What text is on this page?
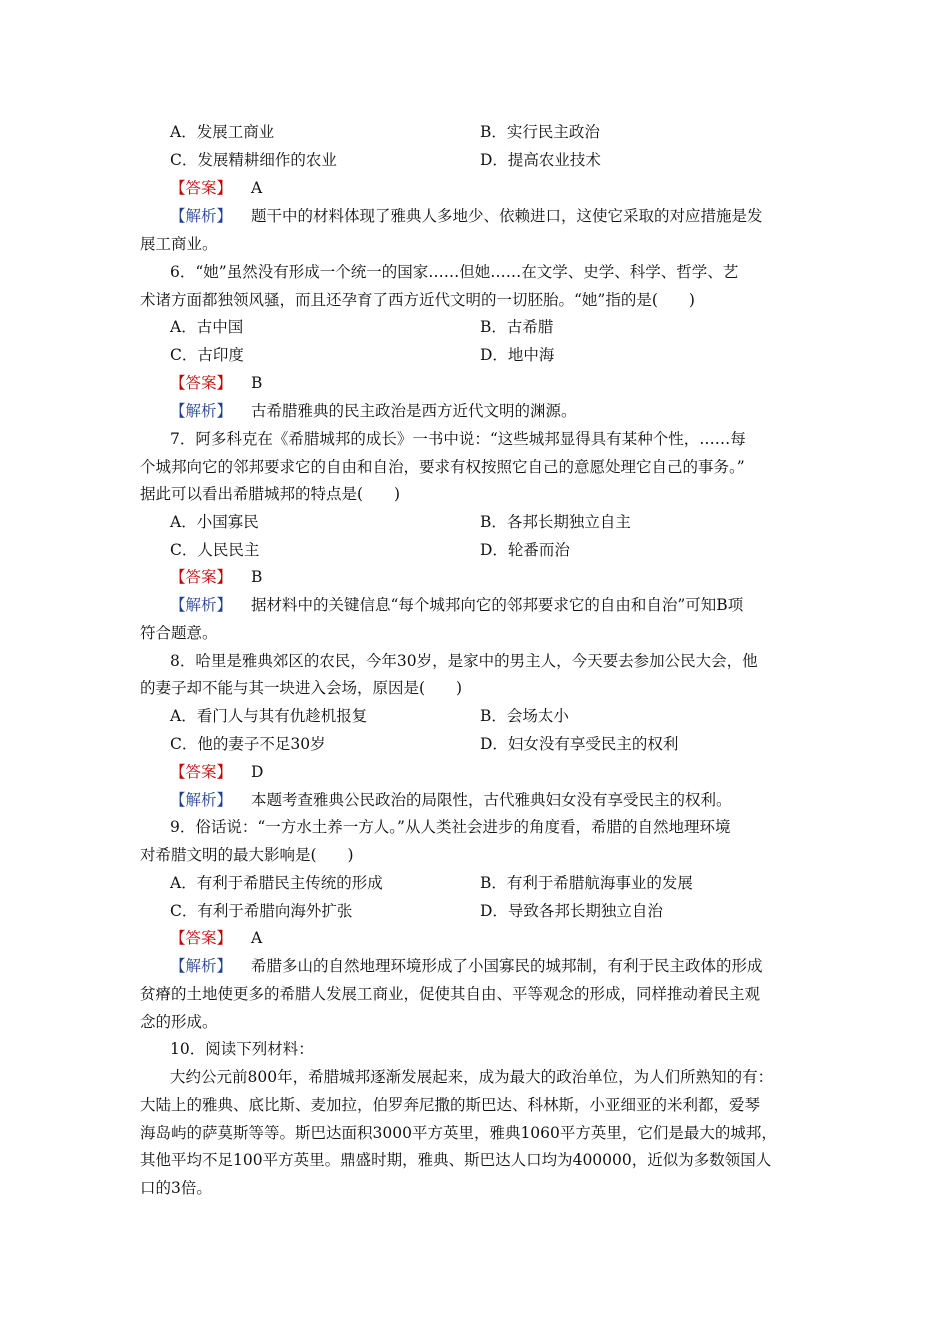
A．发展工商业	B．实行民主政治
C．发展精耕细作的农业	D．提高农业技术
【答案】 A
【解析】 题干中的材料体现了雅典人多地少、依赖进口，这使它采取的对应措施是发
展工商业。
6．“她”虽然没有形成一个统一的国家……但她……在文学、史学、科学、哲学、艺
术诸方面都独领风骚，而且还孕育了西方近代文明的一切胚胎。“她”指的是(　　)
A．古中国	B．古希腊
C．古印度	D．地中海
【答案】 B
【解析】 古希腊雅典的民主政治是西方近代文明的渊源。
7．阿多科克在《希腊城邦的成长》一书中说：“这些城邦显得具有某种个性，……每
个城邦向它的邻邦要求它的自由和自治，要求有权按照它自己的意愿处理它自己的事务。”
据此可以看出希腊城邦的特点是(　　)
A．小国寡民	B．各邦长期独立自主
C．人民民主	D．轮番而治
【答案】 B
【解析】 据材料中的关键信息“每个城邦向它的邻邦要求它的自由和自治”可知B项
符合题意。
8．哈里是雅典郊区的农民，今年30岁，是家中的男主人，今天要去参加公民大会，他
的妻子却不能与其一块进入会场，原因是(　　)
A．看门人与其有仇趁机报复	B．会场太小
C．他的妻子不足30岁	D．妇女没有享受民主的权利
【答案】 D
【解析】 本题考查雅典公民政治的局限性，古代雅典妇女没有享受民主的权利。
9．俗话说：“一方水土养一方人。”从人类社会进步的角度看，希腊的自然地理环境
对希腊文明的最大影响是(　　)
A．有利于希腊民主传统的形成	B．有利于希腊航海事业的发展
C．有利于希腊向海外扩张	D．导致各邦长期独立自治
【答案】 A
【解析】 希腊多山的自然地理环境形成了小国寡民的城邦制，有利于民主政体的形成
贫瘠的土地使更多的希腊人发展工商业，促使其自由、平等观念的形成，同样推动着民主观
念的形成。
10．阅读下列材料：
大约公元前800年，希腊城邦逐渐发展起来，成为最大的政治单位，为人们所熟知的有：
大陆上的雅典、底比斯、麦加拉，伯罗奔尼撒的斯巴达、科林斯，小亚细亚的米利都，爱琴
海岛屿的萨莫斯等等。斯巴达面积3000平方英里，雅典1060平方英里，它们是最大的城邦，
其他平均不足100平方英里。鼎盛时期，雅典、斯巴达人口均为400000，近似为多数领国人
口的3倍。
